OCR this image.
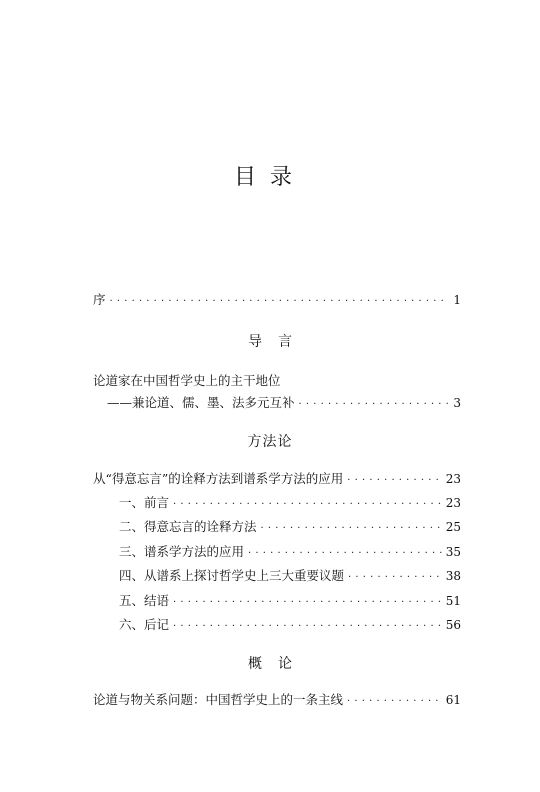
目录
序 · · ·	1
导言
论道家在中国哲学史上的主干地位
——兼论道、儒、墨、法多元互补 · · ·	3
方法论
从“得意忘言”的诠释方法到谱系学方法的应用 · · ·	23
一、前言 · · ·	23
二、得意忘言的诠释方法 · · ·	25
三、谱系学方法的应用 · · ·	35
四、从谱系上探讨哲学史上三大重要议题 · · ·	38
五、结语 · · ·	51
六、后记 · · ·	56
概论
论道与物关系问题：中国哲学史上的一条主线 · · ·	61
